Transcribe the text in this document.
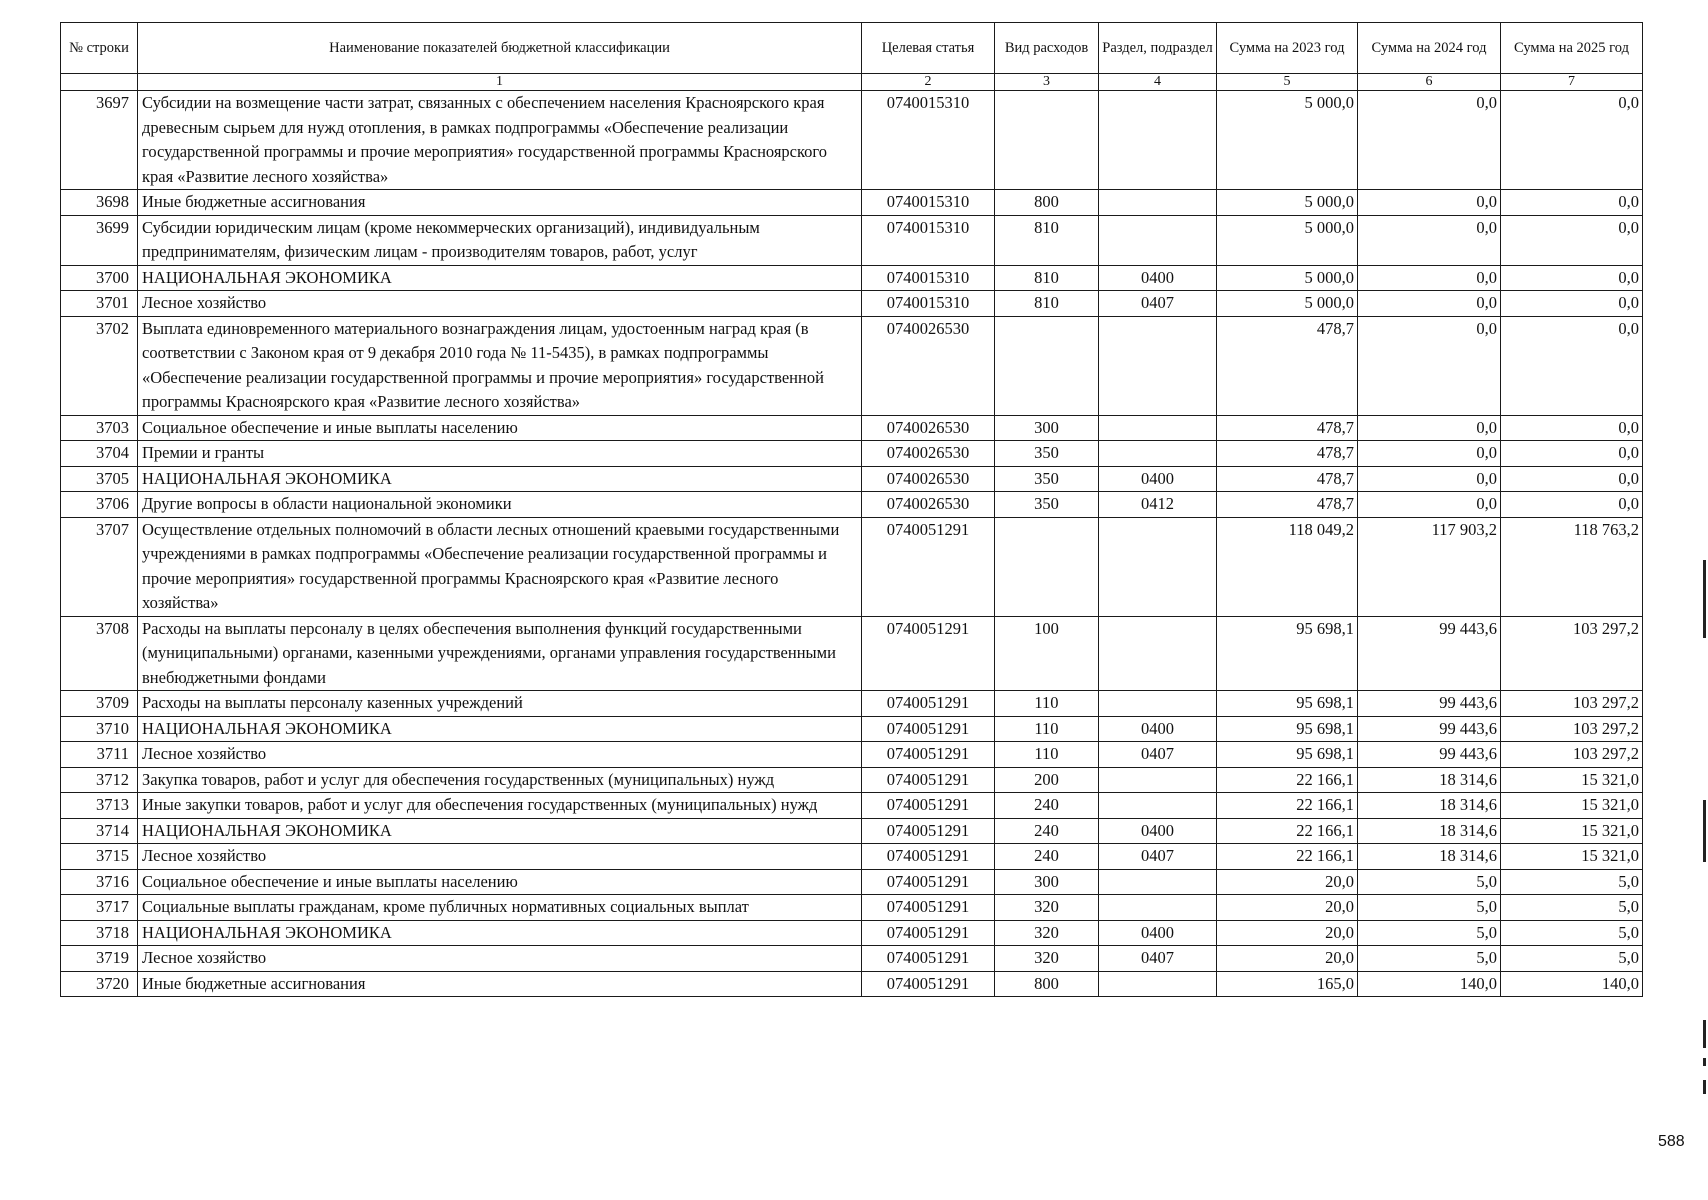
№ строки	Наименование показателей бюджетной классификации	Целевая статья	Вид расходов	Раздел, подраздел	Сумма на 2023 год	Сумма на 2024 год	Сумма на 2025 год
	1	2	3	4	5	6	7
3697	Субсидии на возмещение части затрат, связанных с обеспечением населения Красноярского края древесным сырьем для нужд отопления, в рамках подпрограммы «Обеспечение реализации государственной программы и прочие мероприятия» государственной программы Красноярского края «Развитие лесного хозяйства»	0740015310			5 000,0	0,0	0,0
3698	Иные бюджетные ассигнования	0740015310	800		5 000,0	0,0	0,0
3699	Субсидии юридическим лицам (кроме некоммерческих организаций), индивидуальным предпринимателям, физическим лицам - производителям товаров, работ, услуг	0740015310	810		5 000,0	0,0	0,0
3700	НАЦИОНАЛЬНАЯ ЭКОНОМИКА	0740015310	810	0400	5 000,0	0,0	0,0
3701	Лесное хозяйство	0740015310	810	0407	5 000,0	0,0	0,0
3702	Выплата единовременного материального вознаграждения лицам, удостоенным наград края (в соответствии с Законом края от 9 декабря 2010 года № 11-5435), в рамках подпрограммы «Обеспечение реализации государственной программы и прочие мероприятия» государственной программы Красноярского края «Развитие лесного хозяйства»	0740026530			478,7	0,0	0,0
3703	Социальное обеспечение и иные выплаты населению	0740026530	300		478,7	0,0	0,0
3704	Премии и гранты	0740026530	350		478,7	0,0	0,0
3705	НАЦИОНАЛЬНАЯ ЭКОНОМИКА	0740026530	350	0400	478,7	0,0	0,0
3706	Другие вопросы в области национальной экономики	0740026530	350	0412	478,7	0,0	0,0
3707	Осуществление отдельных полномочий в области лесных отношений краевыми государственными учреждениями в рамках подпрограммы «Обеспечение реализации государственной программы и прочие мероприятия» государственной программы Красноярского края «Развитие лесного хозяйства»	0740051291			118 049,2	117 903,2	118 763,2
3708	Расходы на выплаты персоналу в целях обеспечения выполнения функций государственными (муниципальными) органами, казенными учреждениями, органами управления государственными внебюджетными фондами	0740051291	100		95 698,1	99 443,6	103 297,2
3709	Расходы на выплаты персоналу казенных учреждений	0740051291	110		95 698,1	99 443,6	103 297,2
3710	НАЦИОНАЛЬНАЯ ЭКОНОМИКА	0740051291	110	0400	95 698,1	99 443,6	103 297,2
3711	Лесное хозяйство	0740051291	110	0407	95 698,1	99 443,6	103 297,2
3712	Закупка товаров, работ и услуг для обеспечения государственных (муниципальных) нужд	0740051291	200		22 166,1	18 314,6	15 321,0
3713	Иные закупки товаров, работ и услуг для обеспечения государственных (муниципальных) нужд	0740051291	240		22 166,1	18 314,6	15 321,0
3714	НАЦИОНАЛЬНАЯ ЭКОНОМИКА	0740051291	240	0400	22 166,1	18 314,6	15 321,0
3715	Лесное хозяйство	0740051291	240	0407	22 166,1	18 314,6	15 321,0
3716	Социальное обеспечение и иные выплаты населению	0740051291	300		20,0	5,0	5,0
3717	Социальные выплаты гражданам, кроме публичных нормативных социальных выплат	0740051291	320		20,0	5,0	5,0
3718	НАЦИОНАЛЬНАЯ ЭКОНОМИКА	0740051291	320	0400	20,0	5,0	5,0
3719	Лесное хозяйство	0740051291	320	0407	20,0	5,0	5,0
3720	Иные бюджетные ассигнования	0740051291	800		165,0	140,0	140,0
588
